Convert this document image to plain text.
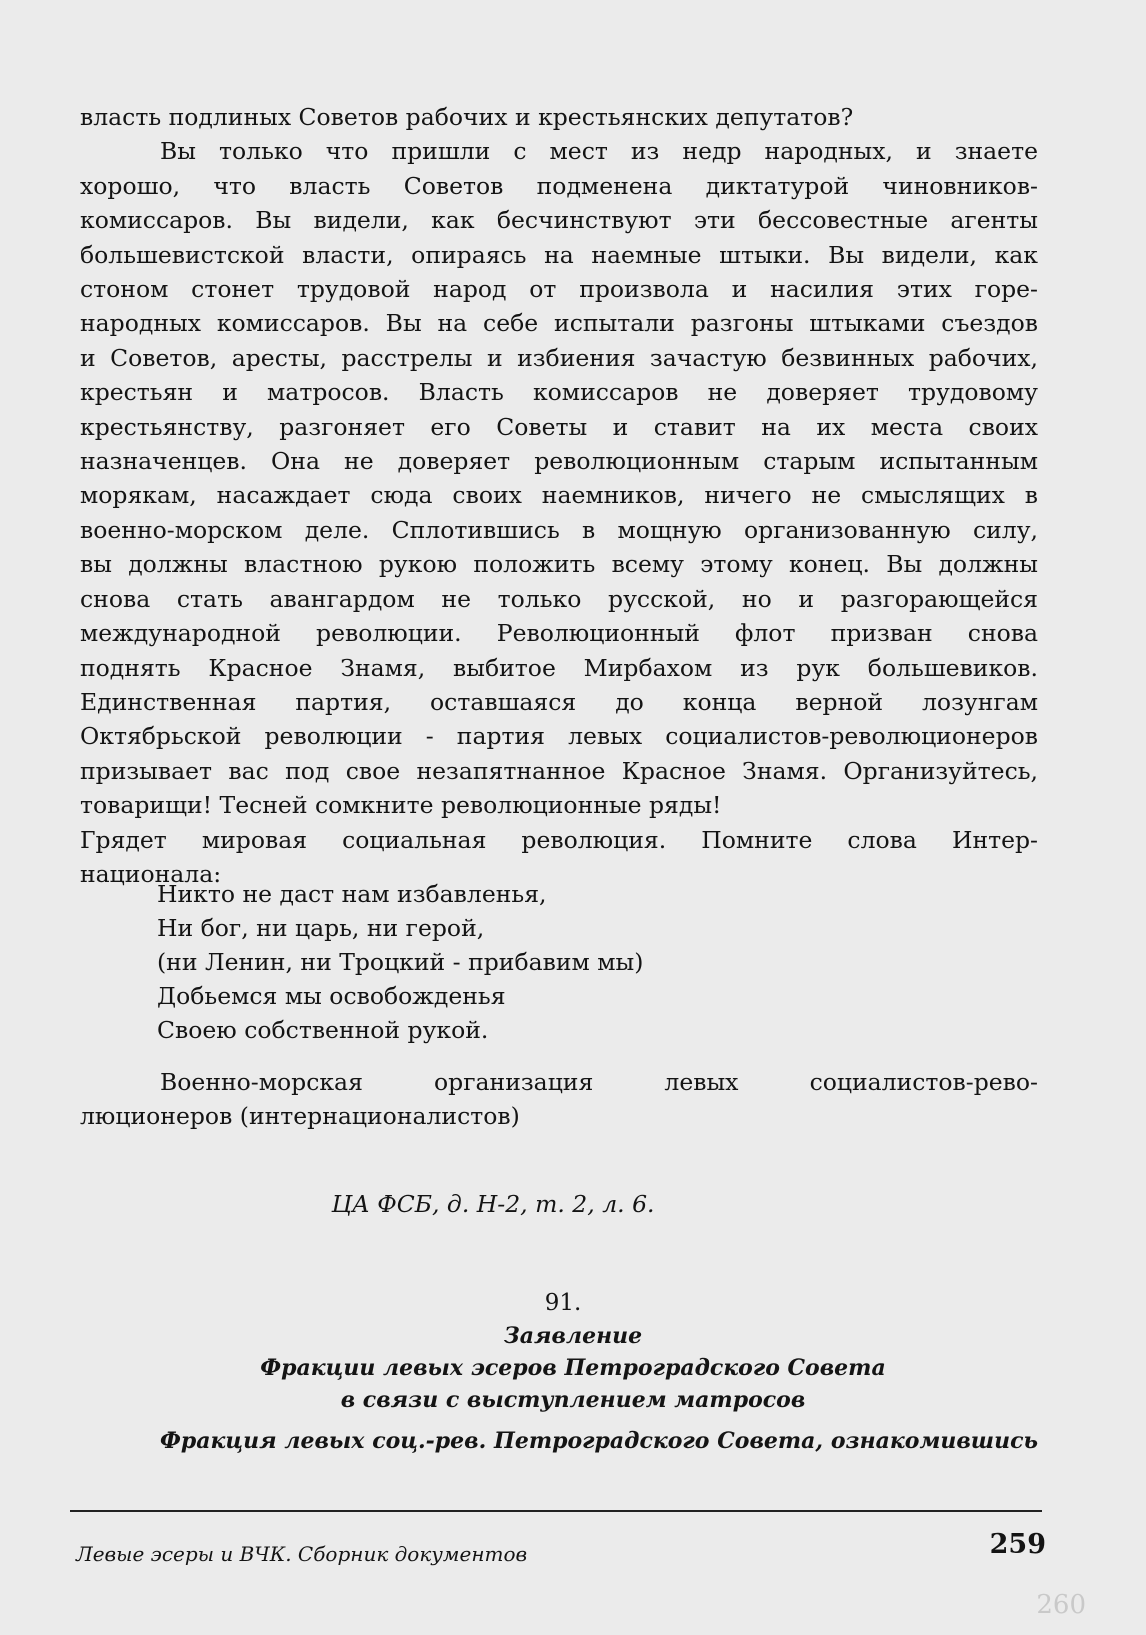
260

власть подлиных Советов рабочих и крестьянских депутатов?

Вы только что пришли с мест из недр народных, и знаете

хорошо, что власть Советов подменена диктатурой чиновников-

комиссаров. Вы видели, как бесчинствуют эти бессовестные агенты

большевистской власти, опираясь на наемные штыки. Вы видели, как

стоном стонет трудовой народ от произвола и насилия этих горе-

народных комиссаров. Вы на себе испытали разгоны штыками съездов

и Советов, аресты, расстрелы и избиения зачастую безвинных рабочих,

крестьян и матросов. Власть комиссаров не доверяет трудовому

крестьянству, разгоняет его Советы и ставит на их места своих

назначенцев. Она не доверяет революционным старым испытанным

морякам, насаждает сюда своих наемников, ничего не смыслящих в

военно-морском деле. Сплотившись в мощную организованную силу,

вы должны властною рукою положить всему этому конец. Вы должны

снова стать авангардом не только русской, но и разгорающейся

международной революции. Революционный флот призван снова

поднять Красное Знамя, выбитое Мирбахом из рук большевиков.

Единственная партия, оставшаяся до конца верной лозунгам

Октябрьской революции - партия левых социалистов-революционеров

призывает вас под свое незапятнанное Красное Знамя. Организуйтесь,

товарищи! Тесней сомкните революционные ряды!

Грядет мировая социальная революция. Помните слова Интер-

национала:

Никто не даст нам избавленья,
Ни бог, ни царь, ни герой,
(ни Ленин, ни Троцкий - прибавим мы)
Добьемся мы освобожденья
Своею собственной рукой.

Военно-морская организация левых социалистов-рево-

люционеров (интернационалистов)

ЦА ФСБ, д. Н-2, т. 2, л. 6.
91.
Заявление
Фракции левых эсеров Петроградского Совета
в связи с выступлением матросов
Фракция левых соц.-рев. Петроградского Совета, ознакомившись
Левые эсеры и ВЧК. Сборник документов	259
